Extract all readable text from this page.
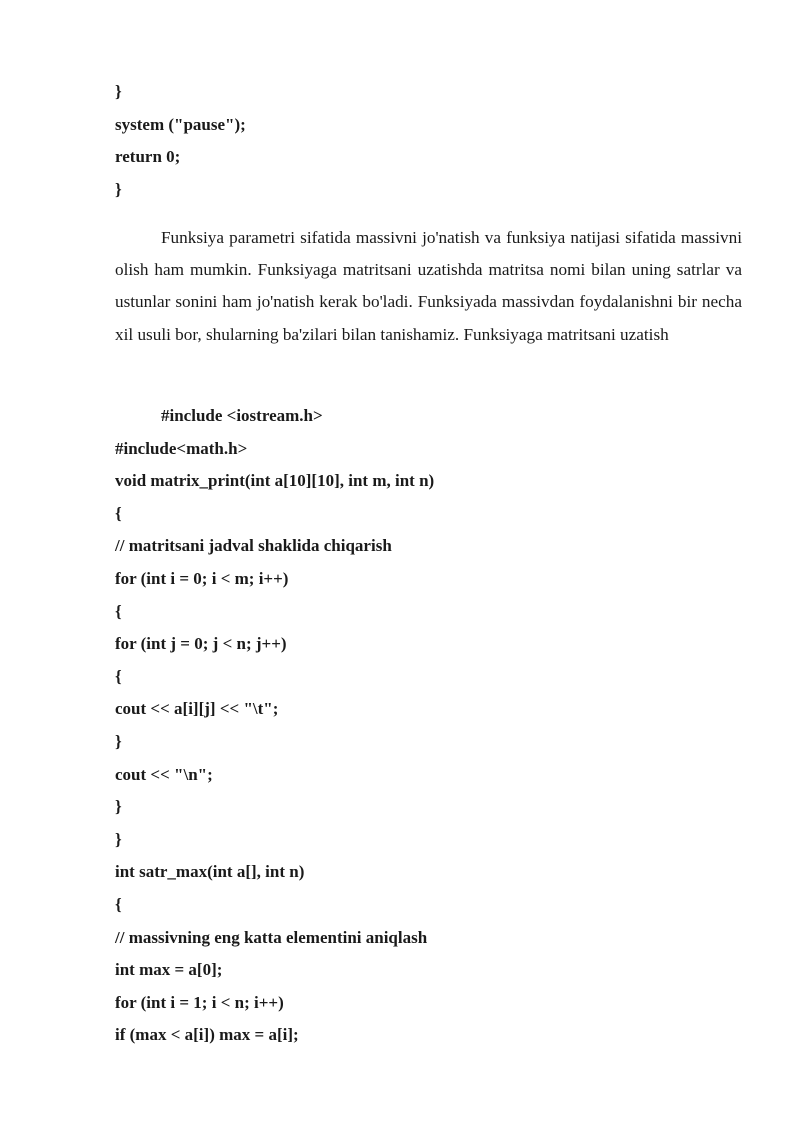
}
system ("pause");
return 0;
}

Funksiya parametri sifatida massivni jo'natish va funksiya natijasi sifatida massivni olish ham mumkin. Funksiyaga matritsani uzatishda matritsa nomi bilan uning satrlar va ustunlar sonini ham jo'natish kerak bo'ladi. Funksiyada massivdan foydalanishni bir necha xil usuli bor, shularning ba'zilari bilan tanishamiz. Funksiyaga matritsani uzatish

#include <iostream.h>
#include<math.h>
void matrix_print(int a[10][10], int m, int n)
{
// matritsani jadval shaklida chiqarish
for (int i = 0; i < m; i++)
{
for (int j = 0; j < n; j++)
{
cout << a[i][j] << "\t";
}
cout << "\n";
}
}
int satr_max(int a[], int n)
{
// massivning eng katta elementini aniqlash
int max = a[0];
for (int i = 1; i < n; i++)
if (max < a[i]) max = a[i];
